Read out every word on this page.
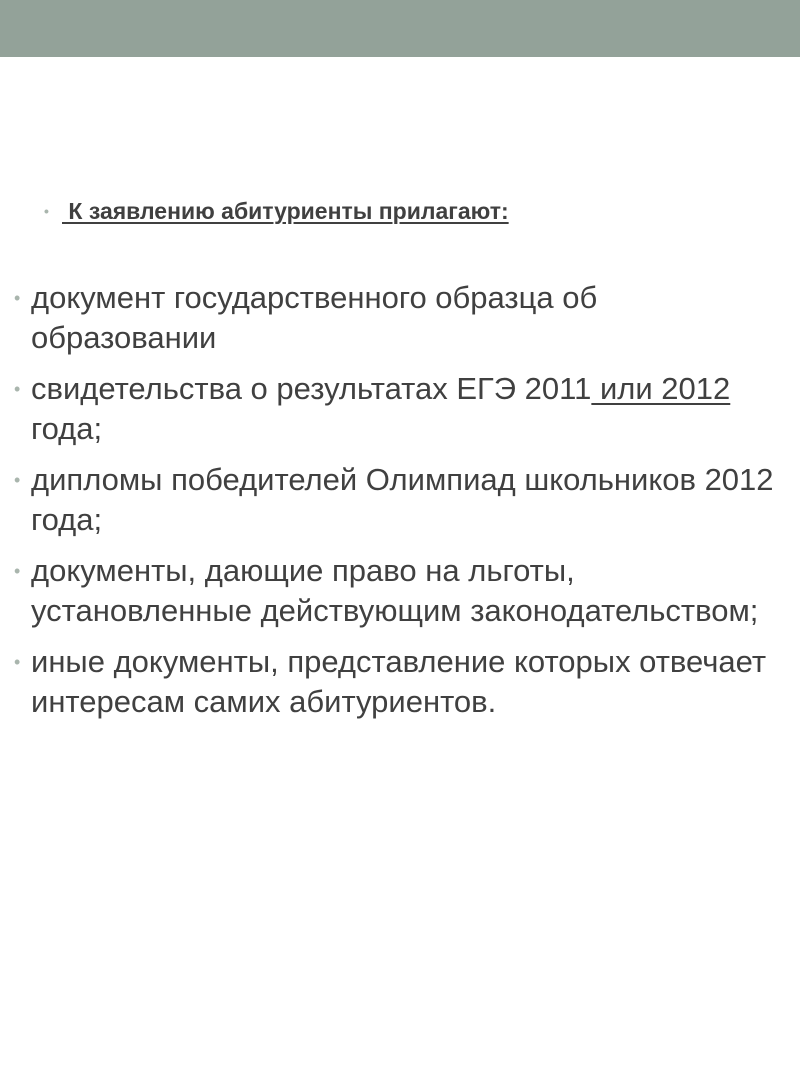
• К заявлению абитуриенты прилагают:
• документ государственного образца об образовании
• свидетельства о результатах ЕГЭ 2011 или 2012 года;
• дипломы победителей Олимпиад школьников 2012 года;
• документы, дающие право на льготы, установленные действующим законодательством;
• иные документы, представление которых отвечает интересам самих абитуриентов.
